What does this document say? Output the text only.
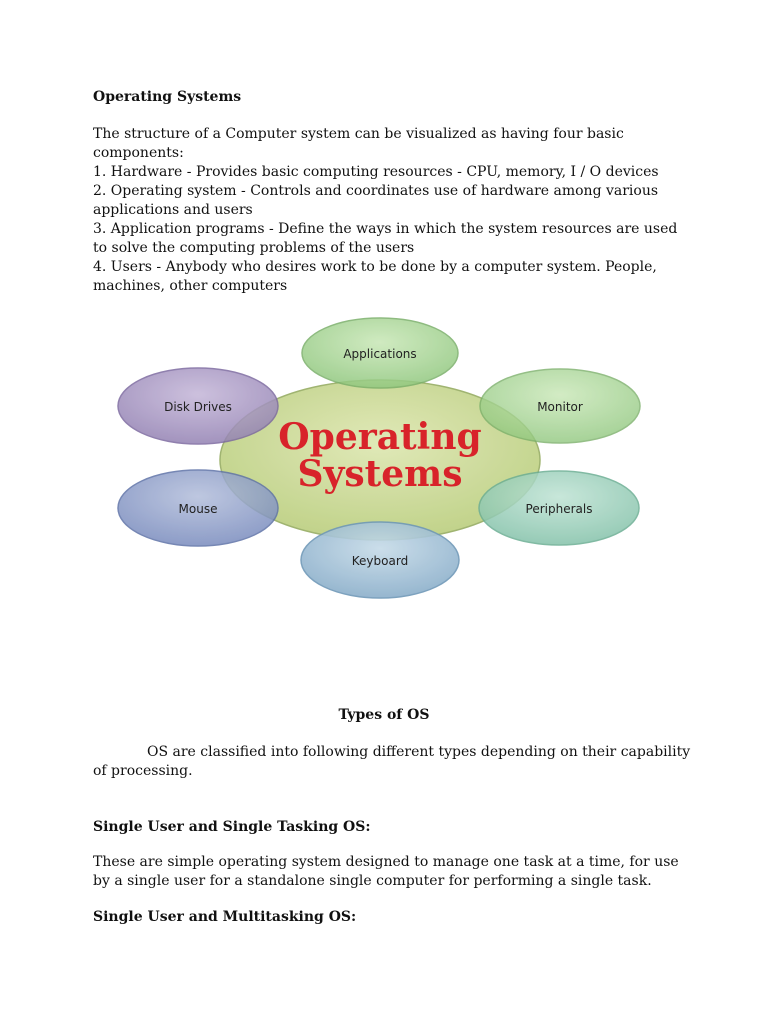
Operating Systems

The structure of a Computer system can be visualized as having four basic components:

1. Hardware - Provides basic computing resources - CPU, memory, I / O devices

2. Operating system - Controls and coordinates use of hardware among various applications and users

3. Application programs - Define the ways in which the system resources are used to solve the computing problems of the users

4. Users - Anybody who desires work to be done by a computer system. People, machines, other computers

Applications
Monitor
Peripherals
Keyboard
Mouse
Disk Drives
Operating
Systems
Types of OS

OS are classified into following different types depending on their capability of processing.

Single User and Single Tasking OS:

These are simple operating system designed to manage one task at a time, for use by a single user for a standalone single computer for performing a single task.

Single User and Multitasking OS:
